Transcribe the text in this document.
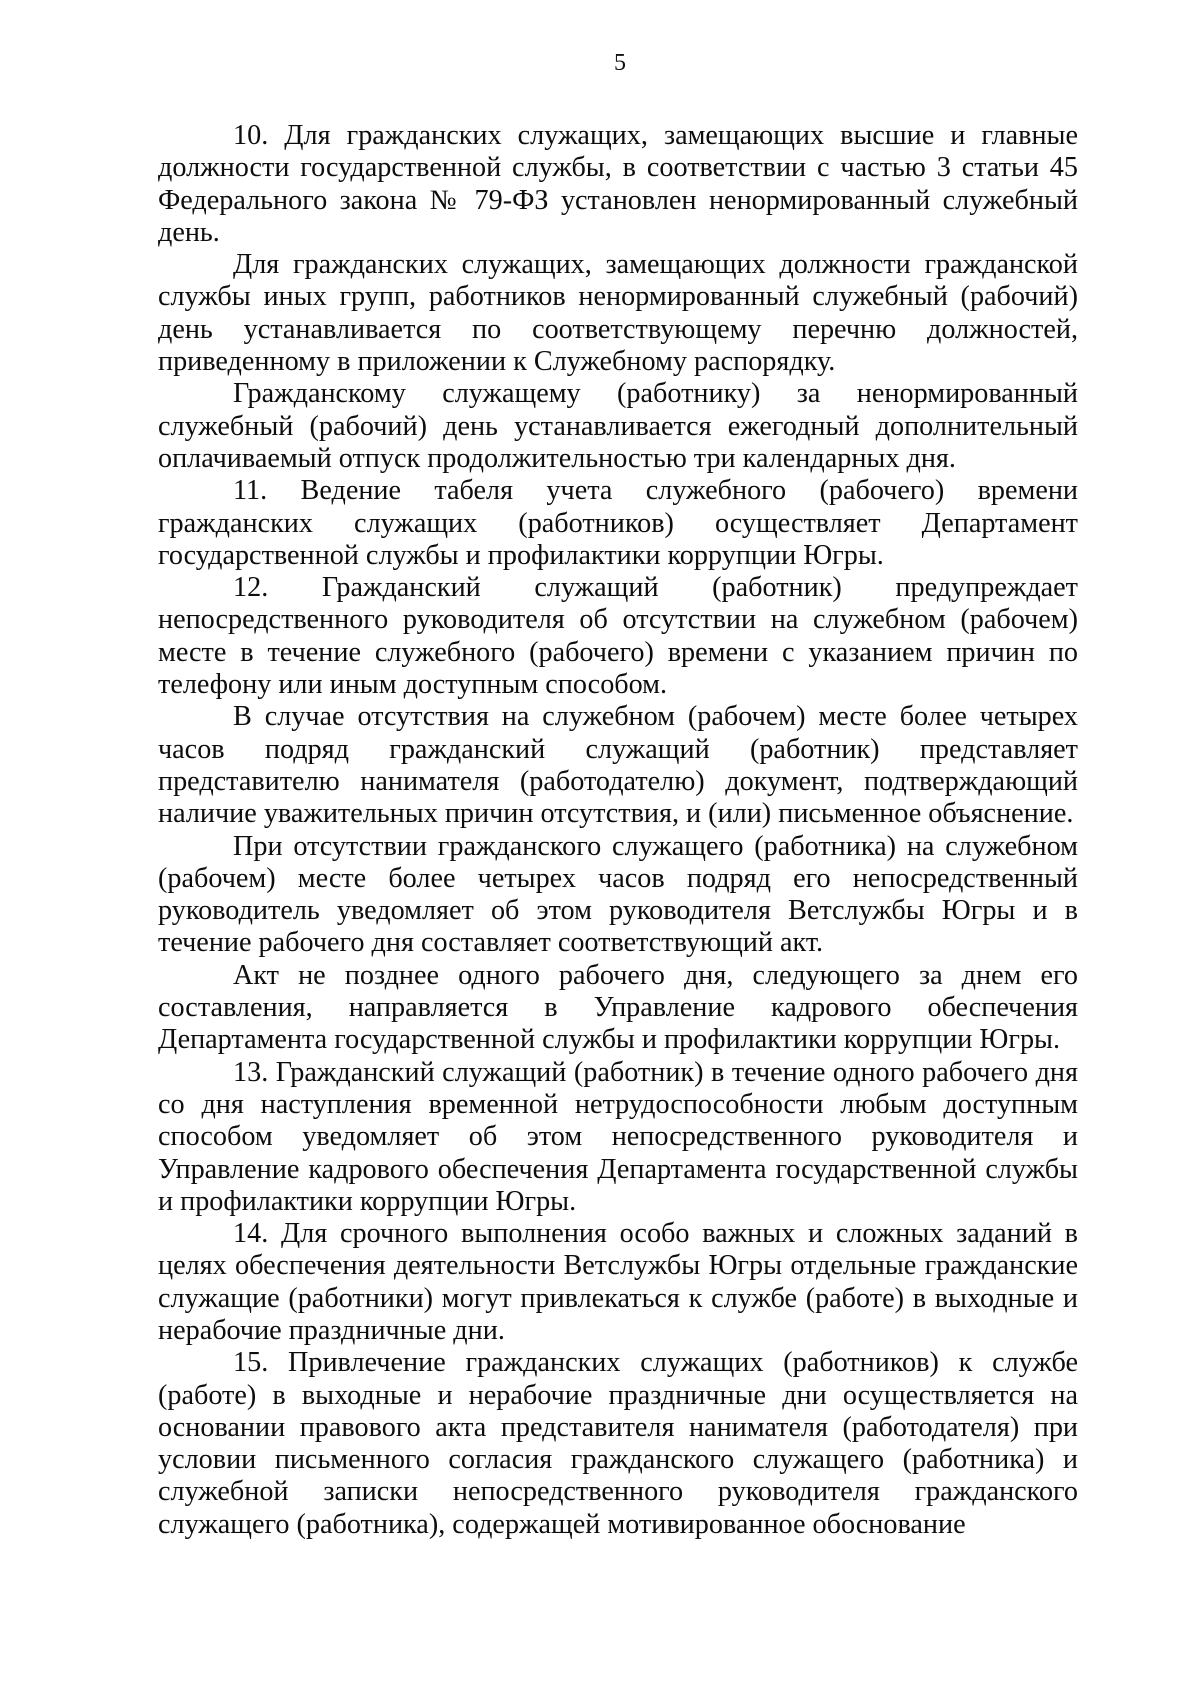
5

10. Для гражданских служащих, замещающих высшие и главные должности государственной службы, в соответствии с частью 3 статьи 45 Федерального закона № 79-ФЗ установлен ненормированный служебный день.

Для гражданских служащих, замещающих должности гражданской службы иных групп, работников ненормированный служебный (рабочий) день устанавливается по соответствующему перечню должностей, приведенному в приложении к Служебному распорядку.

Гражданскому служащему (работнику) за ненормированный служебный (рабочий) день устанавливается ежегодный дополнительный оплачиваемый отпуск продолжительностью три календарных дня.

11. Ведение табеля учета служебного (рабочего) времени гражданских служащих (работников) осуществляет Департамент государственной службы и профилактики коррупции Югры.

12. Гражданский служащий (работник) предупреждает непосредственного руководителя об отсутствии на служебном (рабочем) месте в течение служебного (рабочего) времени с указанием причин по телефону или иным доступным способом.

В случае отсутствия на служебном (рабочем) месте более четырех часов подряд гражданский служащий (работник) представляет представителю нанимателя (работодателю) документ, подтверждающий наличие уважительных причин отсутствия, и (или) письменное объяснение.

При отсутствии гражданского служащего (работника) на служебном (рабочем) месте более четырех часов подряд его непосредственный руководитель уведомляет об этом руководителя Ветслужбы Югры и в течение рабочего дня составляет соответствующий акт.

Акт не позднее одного рабочего дня, следующего за днем его составления, направляется в Управление кадрового обеспечения Департамента государственной службы и профилактики коррупции Югры.

13. Гражданский служащий (работник) в течение одного рабочего дня со дня наступления временной нетрудоспособности любым доступным способом уведомляет об этом непосредственного руководителя и Управление кадрового обеспечения Департамента государственной службы и профилактики коррупции Югры.

14. Для срочного выполнения особо важных и сложных заданий в целях обеспечения деятельности Ветслужбы Югры отдельные гражданские служащие (работники) могут привлекаться к службе (работе) в выходные и нерабочие праздничные дни.

15. Привлечение гражданских служащих (работников) к службе (работе) в выходные и нерабочие праздничные дни осуществляется на основании правового акта представителя нанимателя (работодателя) при условии письменного согласия гражданского служащего (работника) и служебной записки непосредственного руководителя гражданского служащего (работника), содержащей мотивированное обоснование
